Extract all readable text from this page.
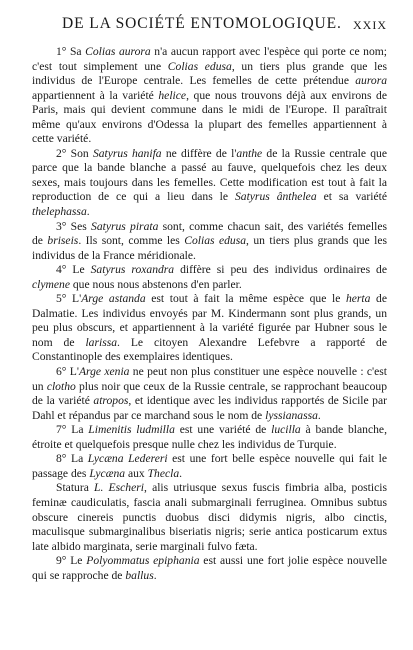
DE LA SOCIÉTÉ ENTOMOLOGIQUE. XXIX

1° Sa Colias aurora n'a aucun rapport avec l'espèce qui porte ce nom; c'est tout simplement une Colias edusa, un tiers plus grande que les individus de l'Europe centrale. Les femelles de cette prétendue aurora appartiennent à la variété helice, que nous trouvons déjà aux environs de Paris, mais qui devient commune dans le midi de l'Europe. Il paraîtrait même qu'aux environs d'Odessa la plupart des femelles appartiennent à cette variété.

2° Son Satyrus hanifa ne diffère de l'anthe de la Russie centrale que parce que la bande blanche a passé au fauve, quelquefois chez les deux sexes, mais toujours dans les femelles. Cette modification est tout à fait la reproduction de ce qui a lieu dans le Satyrus ânthelea et sa variété thelephassa.

3° Ses Satyrus pirata sont, comme chacun sait, des variétés femelles de briseis. Ils sont, comme les Colias edusa, un tiers plus grands que les individus de la France méridionale.

4° Le Satyrus roxandra diffère si peu des individus ordinaires de clymene que nous nous abstenons d'en parler.

5° L'Arge astanda est tout à fait la même espèce que le herta de Dalmatie. Les individus envoyés par M. Kindermann sont plus grands, un peu plus obscurs, et appartiennent à la variété figurée par Hubner sous le nom de larissa. Le citoyen Alexandre Lefebvre a rapporté de Constantinople des exemplaires identiques.

6° L'Arge xenia ne peut non plus constituer une espèce nouvelle : c'est un clotho plus noir que ceux de la Russie centrale, se rapprochant beaucoup de la variété atropos, et identique avec les individus rapportés de Sicile par Dahl et répandus par ce marchand sous le nom de lyssianassa.

7° La Limenitis ludmilla est une variété de lucilla à bande blanche, étroite et quelquefois presque nulle chez les individus de Turquie.

8° La Lycæna Ledereri est une fort belle espèce nouvelle qui fait le passage des Lycæna aux Thecla.

Statura L. Escheri, alis utriusque sexus fuscis fimbria alba, posticis feminæ caudiculatis, fascia anali submarginali ferruginea. Omnibus subtus obscure cinereis punctis duobus disci didymis nigris, albo cinctis, maculisque submarginalibus biseriatis nigris; serie antica posticarum extus late albido marginata, serie marginali fulvo fæta.

9° Le Polyommatus epiphania est aussi une fort jolie espèce nouvelle qui se rapproche de ballus.
